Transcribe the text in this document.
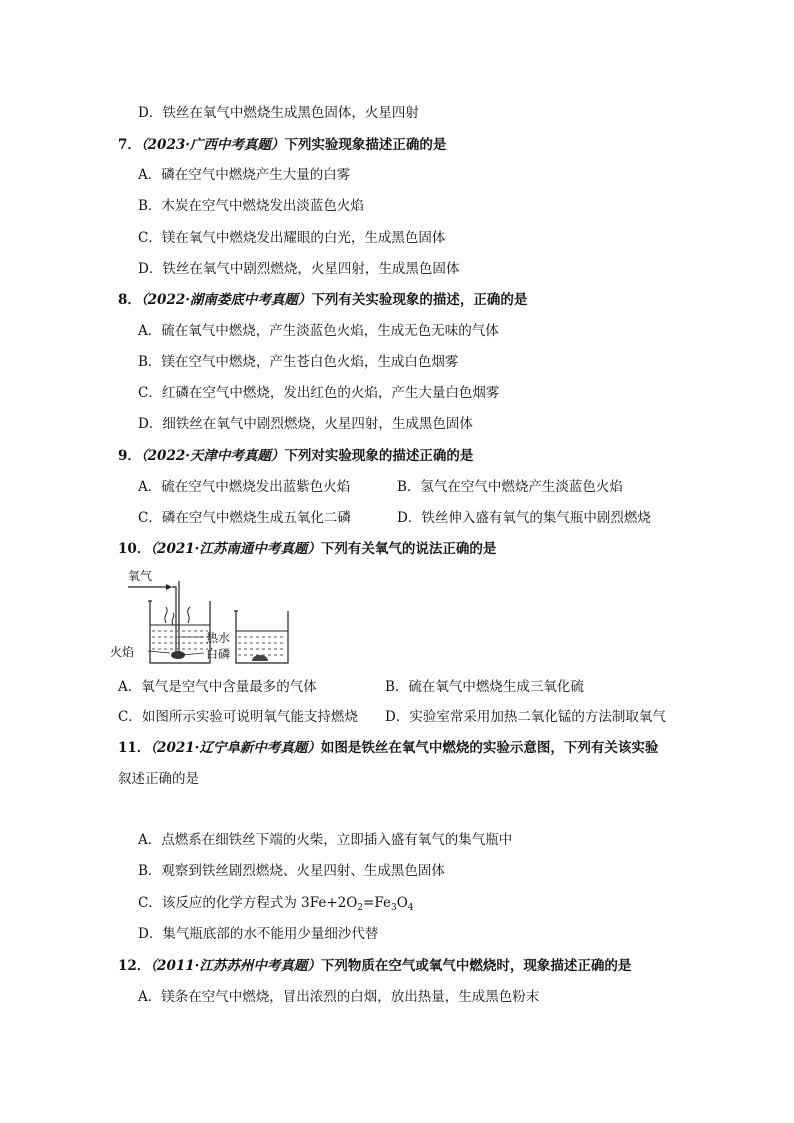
D．铁丝在氧气中燃烧生成黑色固体，火星四射
7．（2023·广西中考真题）下列实验现象描述正确的是
A．磷在空气中燃烧产生大量的白雾
B．木炭在空气中燃烧发出淡蓝色火焰
C．镁在氧气中燃烧发出耀眼的白光，生成黑色固体
D．铁丝在氧气中剧烈燃烧，火星四射，生成黑色固体
8．（2022·湖南娄底中考真题）下列有关实验现象的描述，正确的是
A．硫在氧气中燃烧，产生淡蓝色火焰，生成无色无味的气体
B．镁在空气中燃烧，产生苍白色火焰，生成白色烟雾
C．红磷在空气中燃烧，发出红色的火焰，产生大量白色烟雾
D．细铁丝在氧气中剧烈燃烧，火星四射，生成黑色固体
9．（2022·天津中考真题）下列对实验现象的描述正确的是
A．硫在空气中燃烧发出蓝紫色火焰	B．氢气在空气中燃烧产生淡蓝色火焰
C．磷在空气中燃烧生成五氧化二磷	D．铁丝伸入盛有氧气的集气瓶中剧烈燃烧
10．（2021·江苏南通中考真题）下列有关氧气的说法正确的是
氧气
火焰
热水
白磷
A．氧气是空气中含量最多的气体	B．硫在氧气中燃烧生成三氧化硫
C．如图所示实验可说明氧气能支持燃烧 D．实验室常采用加热二氧化锰的方法制取氧气
11．（2021·辽宁阜新中考真题）如图是铁丝在氧气中燃烧的实验示意图，下列有关该实验
叙述正确的是
A．点燃系在细铁丝下端的火柴，立即插入盛有氧气的集气瓶中
B．观察到铁丝剧烈燃烧、火星四射、生成黑色固体
C．该反应的化学方程式为 $3Fe+2O_2=Fe_3O_4$
D．集气瓶底部的水不能用少量细沙代替
12．（2011·江苏苏州中考真题）下列物质在空气或氧气中燃烧时，现象描述正确的是
A．镁条在空气中燃烧，冒出浓烈的白烟，放出热量，生成黑色粉末
